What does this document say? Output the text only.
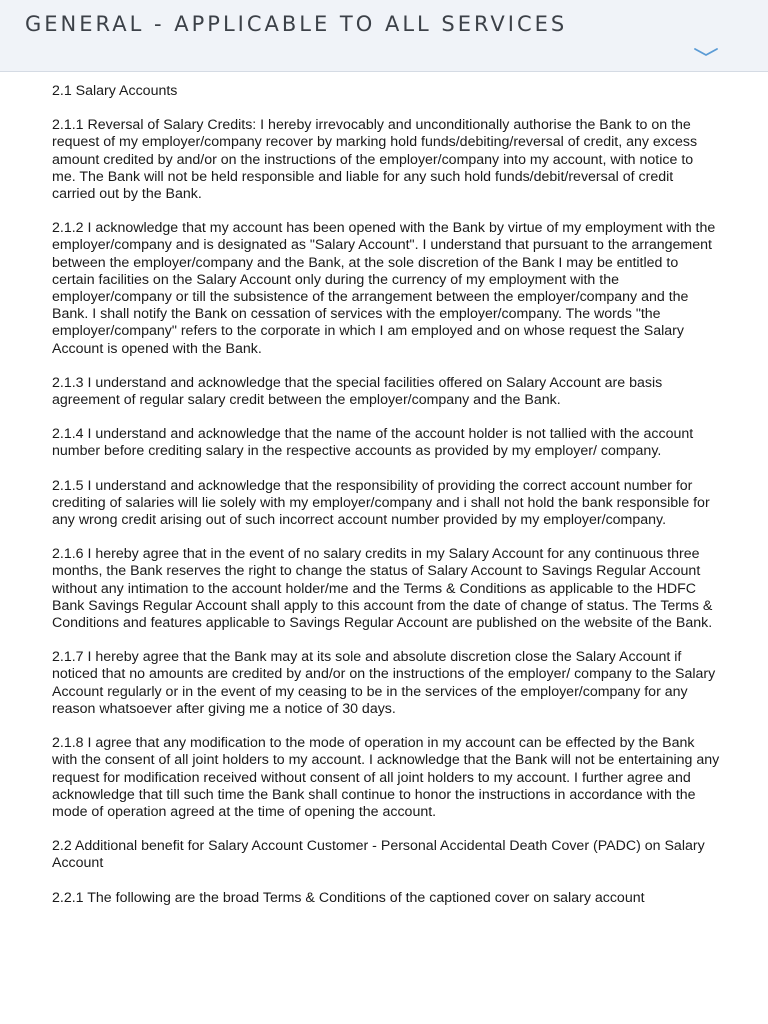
GENERAL - APPLICABLE TO ALL SERVICES

2.1 Salary Accounts

2.1.1 Reversal of Salary Credits: I hereby irrevocably and unconditionally authorise the Bank to on the request of my employer/company recover by marking hold funds/debiting/reversal of credit, any excess amount credited by and/or on the instructions of the employer/company into my account, with notice to me. The Bank will not be held responsible and liable for any such hold funds/debit/reversal of credit carried out by the Bank.

2.1.2 I acknowledge that my account has been opened with the Bank by virtue of my employment with the employer/company and is designated as "Salary Account". I understand that pursuant to the arrangement between the employer/company and the Bank, at the sole discretion of the Bank I may be entitled to certain facilities on the Salary Account only during the currency of my employment with the employer/company or till the subsistence of the arrangement between the employer/company and the Bank. I shall notify the Bank on cessation of services with the employer/company. The words "the employer/company" refers to the corporate in which I am employed and on whose request the Salary Account is opened with the Bank.

2.1.3 I understand and acknowledge that the special facilities offered on Salary Account are basis agreement of regular salary credit between the employer/company and the Bank.

2.1.4 I understand and acknowledge that the name of the account holder is not tallied with the account number before crediting salary in the respective accounts as provided by my employer/ company.

2.1.5 I understand and acknowledge that the responsibility of providing the correct account number for crediting of salaries will lie solely with my employer/company and i shall not hold the bank responsible for any wrong credit arising out of such incorrect account number provided by my employer/company.

2.1.6 I hereby agree that in the event of no salary credits in my Salary Account for any continuous three months, the Bank reserves the right to change the status of Salary Account to Savings Regular Account without any intimation to the account holder/me and the Terms & Conditions as applicable to the HDFC Bank Savings Regular Account shall apply to this account from the date of change of status. The Terms & Conditions and features applicable to Savings Regular Account are published on the website of the Bank.

2.1.7 I hereby agree that the Bank may at its sole and absolute discretion close the Salary Account if noticed that no amounts are credited by and/or on the instructions of the employer/ company to the Salary Account regularly or in the event of my ceasing to be in the services of the employer/company for any reason whatsoever after giving me a notice of 30 days.

2.1.8 I agree that any modification to the mode of operation in my account can be effected by the Bank with the consent of all joint holders to my account. I acknowledge that the Bank will not be entertaining any request for modification received without consent of all joint holders to my account. I further agree and acknowledge that till such time the Bank shall continue to honor the instructions in accordance with the mode of operation agreed at the time of opening the account.

2.2 Additional benefit for Salary Account Customer - Personal Accidental Death Cover (PADC) on Salary Account

2.2.1 The following are the broad Terms & Conditions of the captioned cover on salary account
